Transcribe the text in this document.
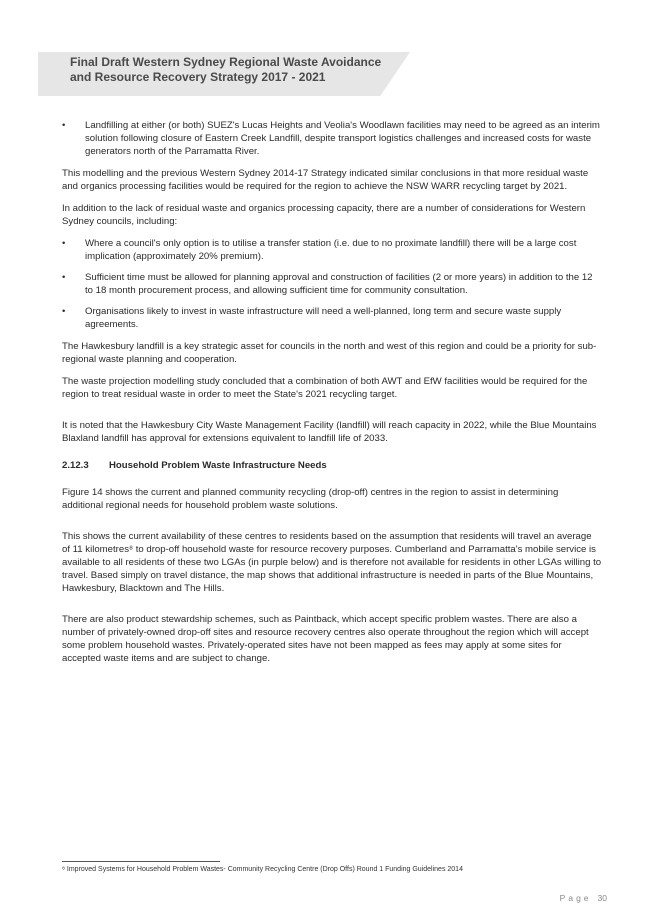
Final Draft Western Sydney Regional Waste Avoidance
and Resource Recovery Strategy 2017 - 2021
• Landfilling at either (or both) SUEZ's Lucas Heights and Veolia's Woodlawn facilities may need to be agreed as an interim solution following closure of Eastern Creek Landfill, despite transport logistics challenges and increased costs for waste generators north of the Parramatta River.

This modelling and the previous Western Sydney 2014-17 Strategy indicated similar conclusions in that more residual waste and organics processing facilities would be required for the region to achieve the NSW WARR recycling target by 2021.

In addition to the lack of residual waste and organics processing capacity, there are a number of considerations for Western Sydney councils, including:

• Where a council's only option is to utilise a transfer station (i.e. due to no proximate landfill) there will be a large cost implication (approximately 20% premium).
• Sufficient time must be allowed for planning approval and construction of facilities (2 or more years) in addition to the 12 to 18 month procurement process, and allowing sufficient time for community consultation.
• Organisations likely to invest in waste infrastructure will need a well-planned, long term and secure waste supply agreements.

The Hawkesbury landfill is a key strategic asset for councils in the north and west of this region and could be a priority for sub-regional waste planning and cooperation.

The waste projection modelling study concluded that a combination of both AWT and EfW facilities would be required for the region to treat residual waste in order to meet the State's 2021 recycling target.

It is noted that the Hawkesbury City Waste Management Facility (landfill) will reach capacity in 2022, while the Blue Mountains Blaxland landfill has approval for extensions equivalent to landfill life of 2033.

2.12.3 Household Problem Waste Infrastructure Needs

Figure 14 shows the current and planned community recycling (drop-off) centres in the region to assist in determining additional regional needs for household problem waste solutions.

This shows the current availability of these centres to residents based on the assumption that residents will travel an average of 11 kilometres⁸ to drop-off household waste for resource recovery purposes. Cumberland and Parramatta's mobile service is available to all residents of these two LGAs (in purple below) and is therefore not available for residents in other LGAs willing to travel. Based simply on travel distance, the map shows that additional infrastructure is needed in parts of the Blue Mountains, Hawkesbury, Blacktown and The Hills.

There are also product stewardship schemes, such as Paintback, which accept specific problem wastes. There are also a number of privately-owned drop-off sites and resource recovery centres also operate throughout the region which will accept some problem household wastes. Privately-operated sites have not been mapped as fees may apply at some sites for accepted waste items and are subject to change.

⁸ Improved Systems for Household Problem Wastes- Community Recycling Centre (Drop Offs) Round 1 Funding Guidelines 2014
Page 30
